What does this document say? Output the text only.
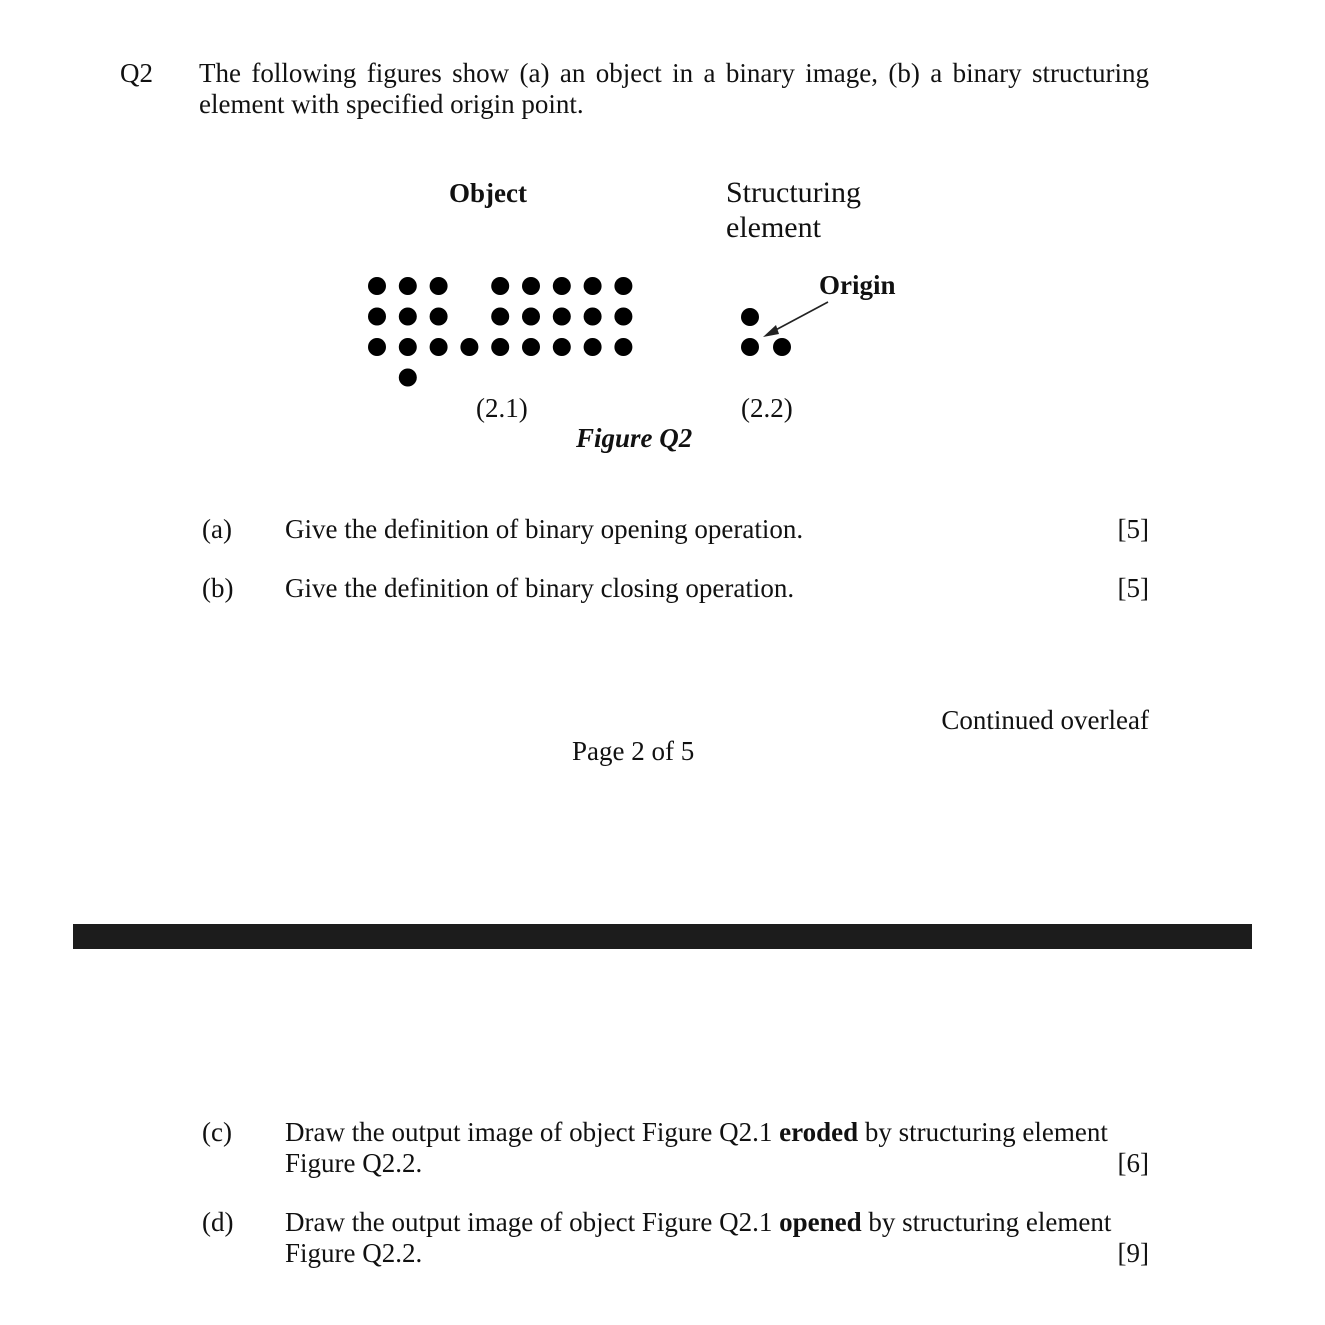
Q2 The following figures show (a) an object in a binary image, (b) a binary structuring element with specified origin point.
Object	Structuring
element
Origin
(2.1)	(2.2)
Figure Q2
(a) Give the definition of binary opening operation.	[5]
(b) Give the definition of binary closing operation.	[5]
Continued overleaf
Page 2 of 5
(c) Draw the output image of object Figure Q2.1 eroded by structuring element
Figure Q2.2.	[6]
(d) Draw the output image of object Figure Q2.1 opened by structuring element
Figure Q2.2.	[9]
